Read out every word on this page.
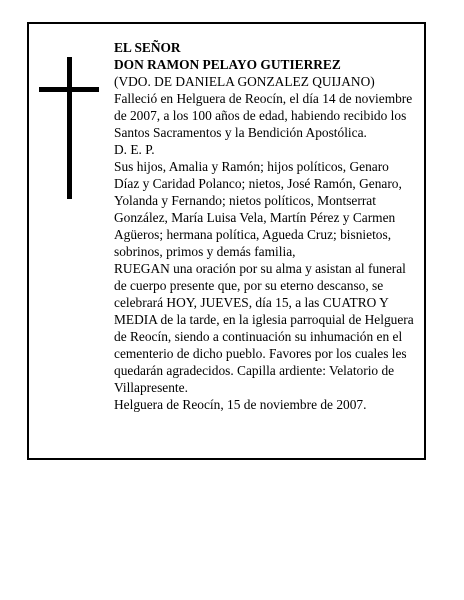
EL SEÑOR

DON RAMON PELAYO GUTIERREZ

(VDO. DE DANIELA GONZALEZ QUIJANO)

Falleció en Helguera de Reocín, el día 14 de noviembre de 2007, a los 100 años de edad, habiendo recibido los Santos Sacramentos y la Bendición Apostólica.

D. E. P.

Sus hijos, Amalia y Ramón; hijos políticos, Genaro Díaz y Caridad Polanco; nietos, José Ramón, Genaro, Yolanda y Fernando; nietos políticos, Montserrat González, María Luisa Vela, Martín Pérez y Carmen Agüeros; hermana política, Agueda Cruz; bisnietos, sobrinos, primos y demás familia,

RUEGAN una oración por su alma y asistan al funeral de cuerpo presente que, por su eterno descanso, se celebrará HOY, JUEVES, día 15, a las CUATRO Y MEDIA de la tarde, en la iglesia parroquial de Helguera de Reocín, siendo a continuación su inhumación en el cementerio de dicho pueblo. Favores por los cuales les quedarán agradecidos. Capilla ardiente: Velatorio de Villapresente.

Helguera de Reocín, 15 de noviembre de 2007.
